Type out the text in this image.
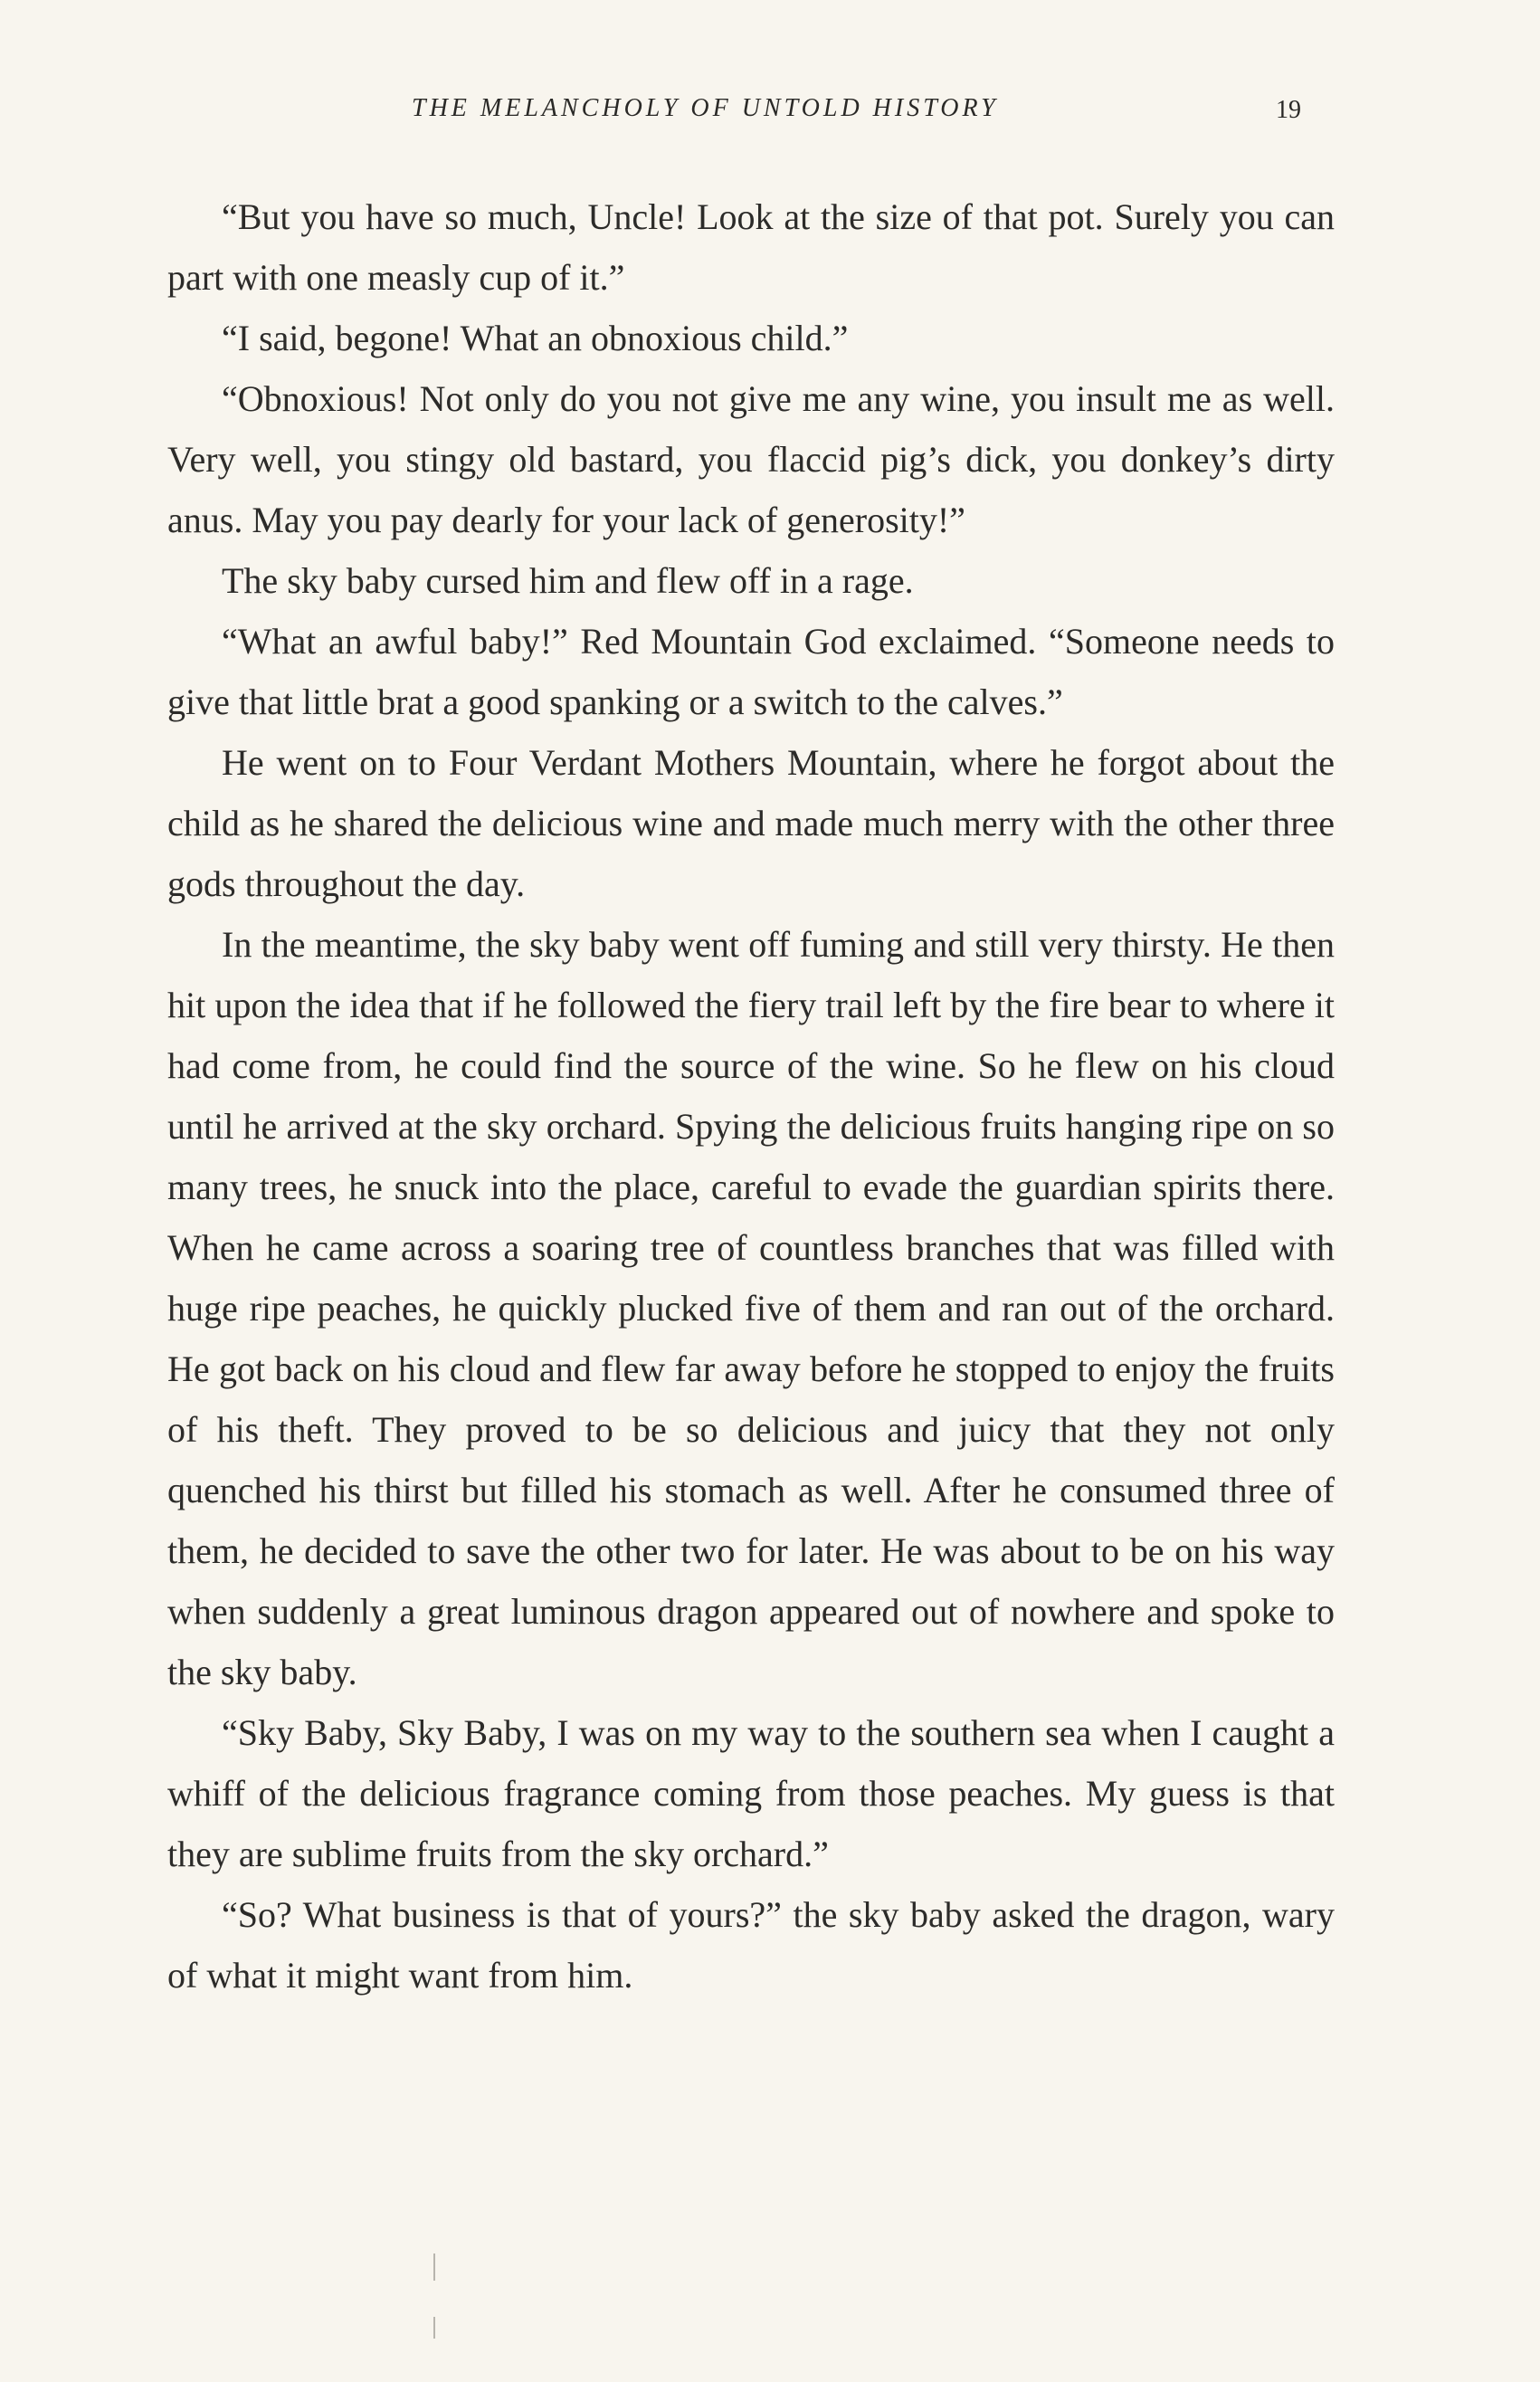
THE MELANCHOLY OF UNTOLD HISTORY	19

“But you have so much, Uncle! Look at the size of that pot. Surely you can part with one measly cup of it.”

“I said, begone! What an obnoxious child.”

“Obnoxious! Not only do you not give me any wine, you insult me as well. Very well, you stingy old bastard, you flaccid pig’s dick, you donkey’s dirty anus. May you pay dearly for your lack of generosity!”

The sky baby cursed him and flew off in a rage.

“What an awful baby!” Red Mountain God exclaimed. “Someone needs to give that little brat a good spanking or a switch to the calves.”

He went on to Four Verdant Mothers Mountain, where he forgot about the child as he shared the delicious wine and made much merry with the other three gods throughout the day.

In the meantime, the sky baby went off fuming and still very thirsty. He then hit upon the idea that if he followed the fiery trail left by the fire bear to where it had come from, he could find the source of the wine. So he flew on his cloud until he arrived at the sky orchard. Spying the delicious fruits hanging ripe on so many trees, he snuck into the place, careful to evade the guardian spirits there. When he came across a soaring tree of countless branches that was filled with huge ripe peaches, he quickly plucked five of them and ran out of the orchard. He got back on his cloud and flew far away before he stopped to enjoy the fruits of his theft. They proved to be so delicious and juicy that they not only quenched his thirst but filled his stomach as well. After he consumed three of them, he decided to save the other two for later. He was about to be on his way when suddenly a great luminous dragon appeared out of nowhere and spoke to the sky baby.

“Sky Baby, Sky Baby, I was on my way to the southern sea when I caught a whiff of the delicious fragrance coming from those peaches. My guess is that they are sublime fruits from the sky orchard.”

“So? What business is that of yours?” the sky baby asked the dragon, wary of what it might want from him.
